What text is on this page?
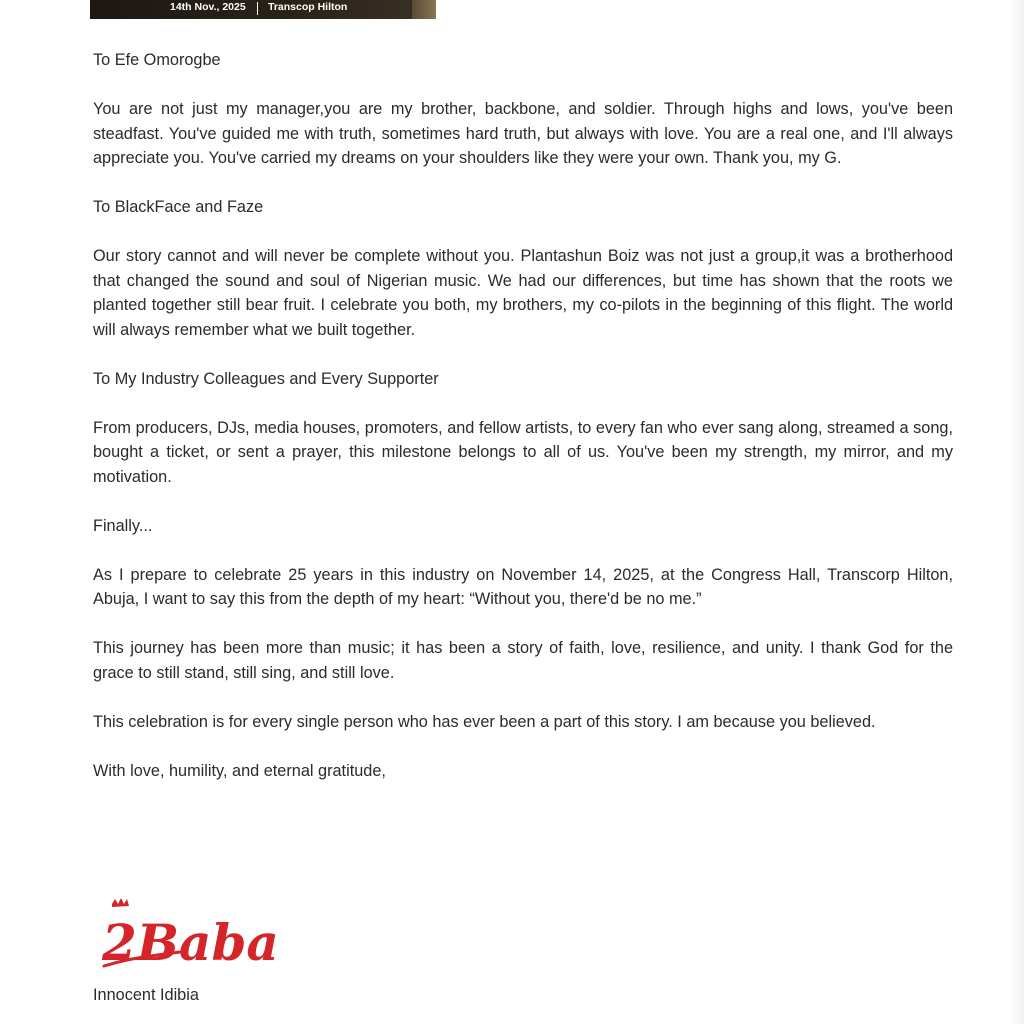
14th Nov., 2025 Transcop Hilton

To Efe Omorogbe

You are not just my manager,you are my brother, backbone, and soldier. Through highs and lows, you've been steadfast. You've guided me with truth, sometimes hard truth, but always with love. You are a real one, and I'll always appreciate you. You've carried my dreams on your shoulders like they were your own. Thank you, my G.

To BlackFace and Faze

Our story cannot and will never be complete without you. Plantashun Boiz was not just a group,it was a brotherhood that changed the sound and soul of Nigerian music. We had our differences, but time has shown that the roots we planted together still bear fruit. I celebrate you both, my brothers, my co-pilots in the beginning of this flight. The world will always remember what we built together.

To My Industry Colleagues and Every Supporter

From producers, DJs, media houses, promoters, and fellow artists, to every fan who ever sang along, streamed a song, bought a ticket, or sent a prayer, this milestone belongs to all of us. You've been my strength, my mirror, and my motivation.

Finally...

As I prepare to celebrate 25 years in this industry on November 14, 2025, at the Congress Hall, Transcorp Hilton, Abuja, I want to say this from the depth of my heart: “Without you, there'd be no me.”

This journey has been more than music; it has been a story of faith, love, resilience, and unity. I thank God for the grace to still stand, still sing, and still love.

This celebration is for every single person who has ever been a part of this story. I am because you believed.

With love, humility, and eternal gratitude,

2Baba
Innocent Idibia
